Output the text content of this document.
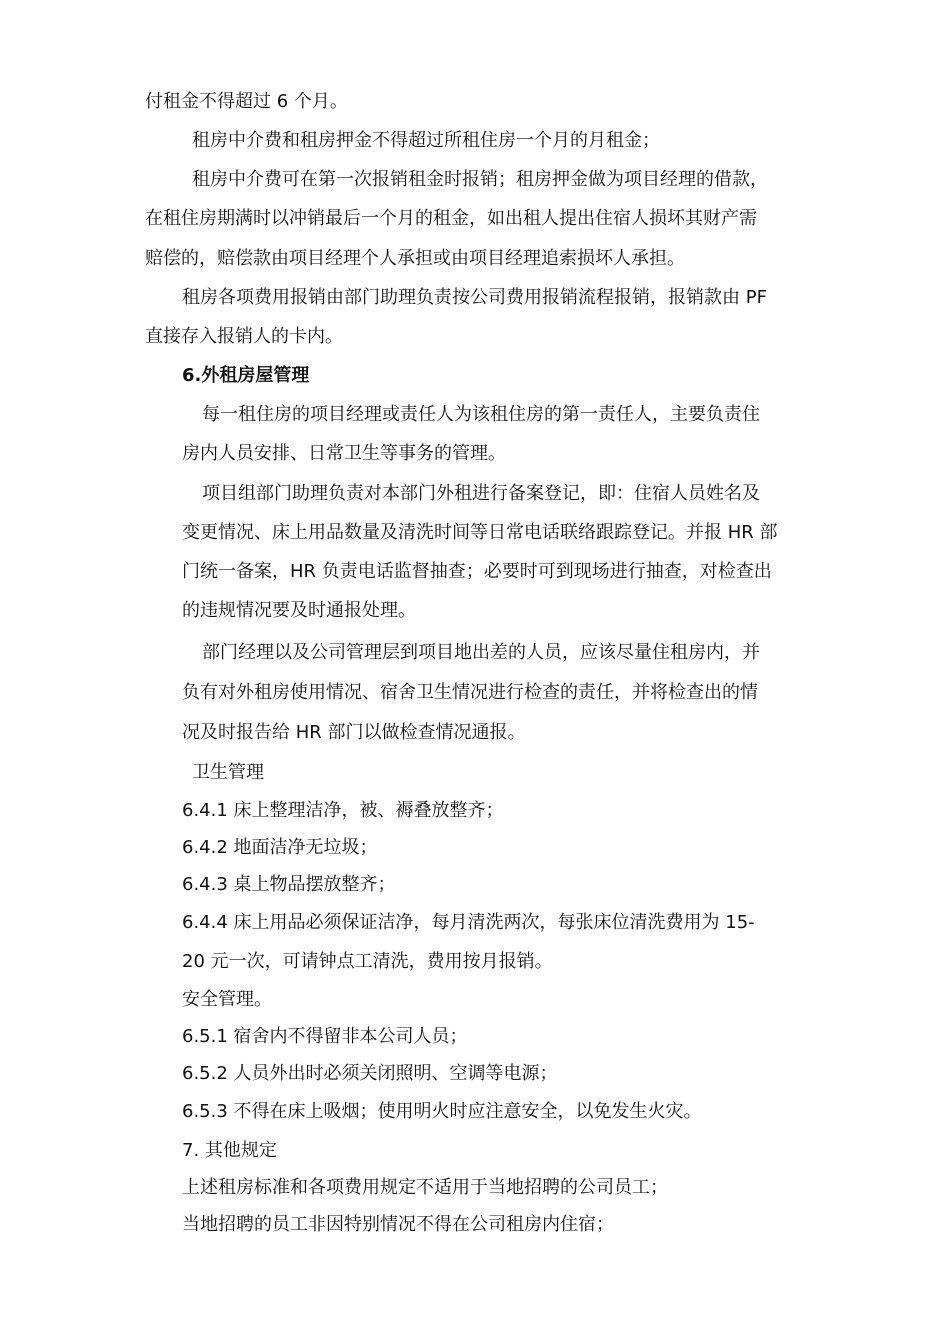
付租金不得超过 6 个月。

租房中介费和租房押金不得超过所租住房一个月的月租金；

租房中介费可在第一次报销租金时报销；租房押金做为项目经理的借款，

在租住房期满时以冲销最后一个月的租金，如出租人提出住宿人损坏其财产需

赔偿的，赔偿款由项目经理个人承担或由项目经理追索损坏人承担。

租房各项费用报销由部门助理负责按公司费用报销流程报销，报销款由 PF

直接存入报销人的卡内。

6.外租房屋管理

每一租住房的项目经理或责任人为该租住房的第一责任人，主要负责住

房内人员安排、日常卫生等事务的管理。

项目组部门助理负责对本部门外租进行备案登记，即：住宿人员姓名及

变更情况、床上用品数量及清洗时间等日常电话联络跟踪登记。并报 HR 部

门统一备案，HR 负责电话监督抽查；必要时可到现场进行抽查，对检查出

的违规情况要及时通报处理。

部门经理以及公司管理层到项目地出差的人员，应该尽量住租房内，并

负有对外租房使用情况、宿舍卫生情况进行检查的责任，并将检查出的情

况及时报告给 HR 部门以做检查情况通报。

卫生管理

6.4.1 床上整理洁净，被、褥叠放整齐；

6.4.2 地面洁净无垃圾；

6.4.3 桌上物品摆放整齐；

6.4.4 床上用品必须保证洁净，每月清洗两次，每张床位清洗费用为 15-

20 元一次，可请钟点工清洗，费用按月报销。

安全管理。

6.5.1 宿舍内不得留非本公司人员；

6.5.2 人员外出时必须关闭照明、空调等电源；

6.5.3 不得在床上吸烟；使用明火时应注意安全，以免发生火灾。

7. 其他规定

上述租房标准和各项费用规定不适用于当地招聘的公司员工；

当地招聘的员工非因特别情况不得在公司租房内住宿；
